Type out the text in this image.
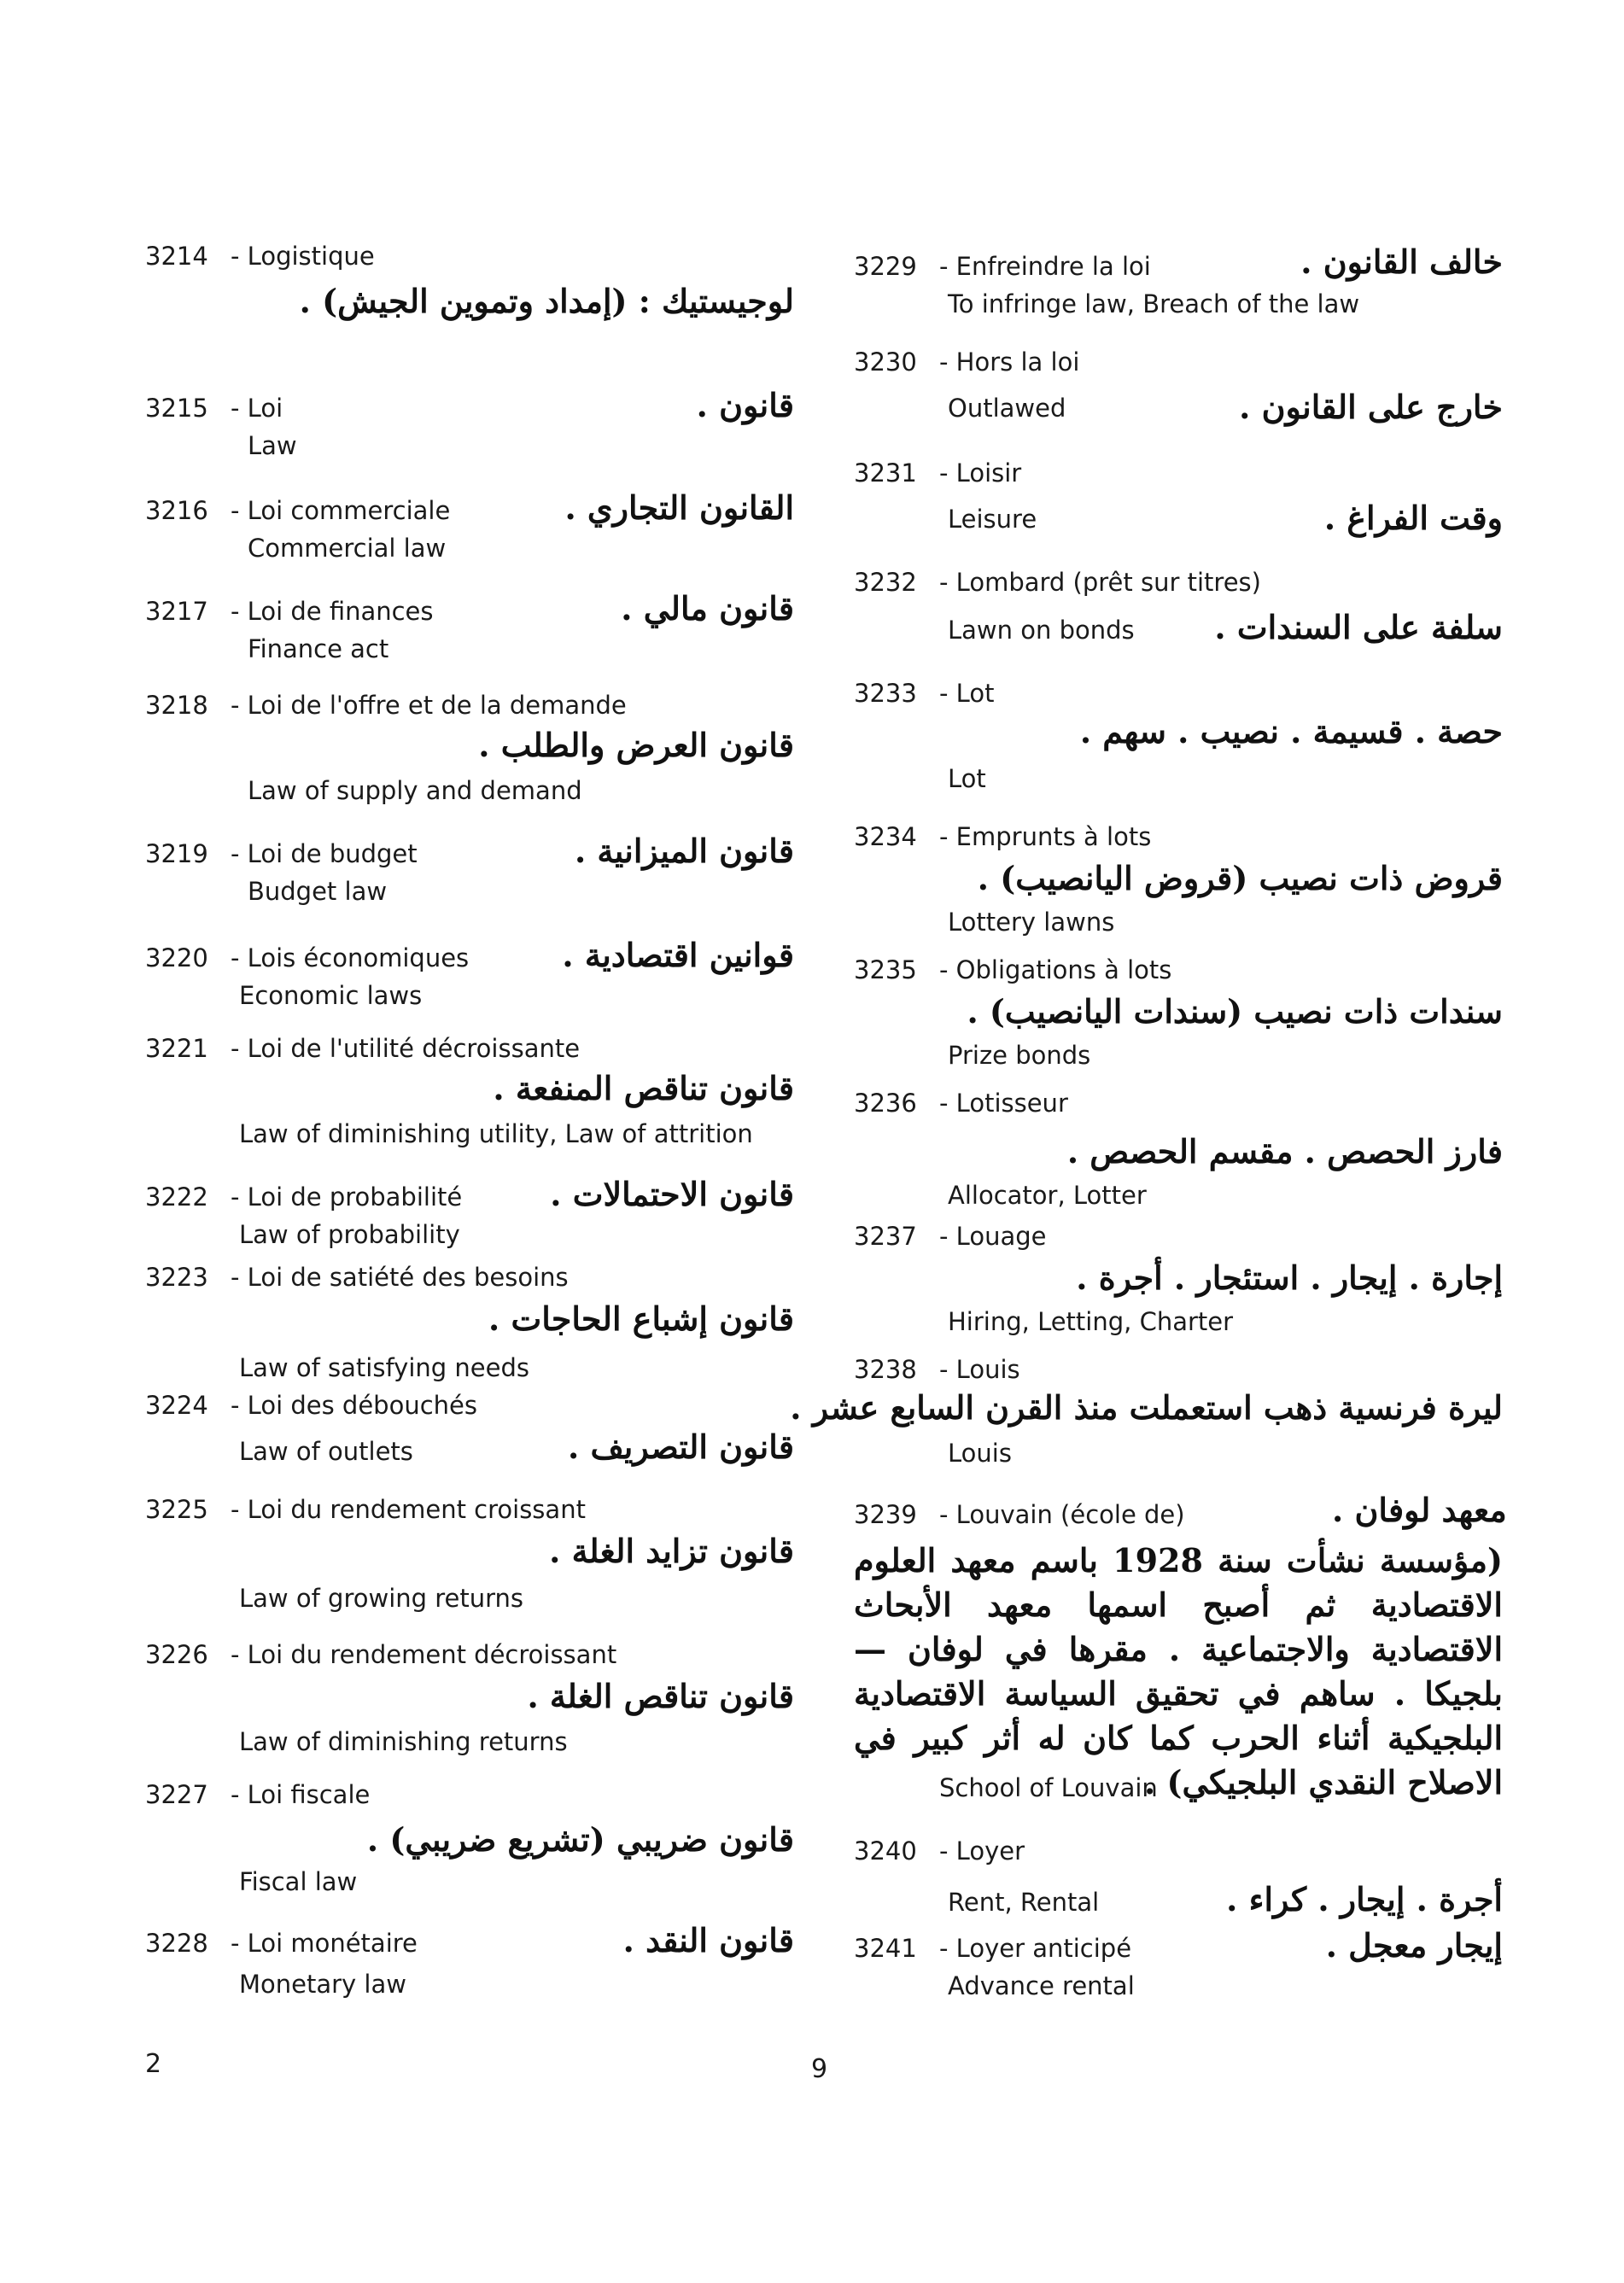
3214 - Logistique
لوجيستيك : (إمداد وتموين الجيش) .
3215 - Loi	قانون .
Law
3216 - Loi commerciale	القانون التجاري .
Commercial law
3217 - Loi de finances	قانون مالي .
Finance act
3218 - Loi de l'offre et de la demande
قانون العرض والطلب .
Law of supply and demand
3219 - Loi de budget	قانون الميزانية .
Budget law
3220 - Lois économiques	قوانين اقتصادية .
Economic laws
3221 - Loi de l'utilité décroissante
قانون تناقص المنفعة .
Law of diminishing utility, Law of attrition
3222 - Loi de probabilité	قانون الاحتمالات .
Law of probability
3223 - Loi de satiété des besoins
قانون إشباع الحاجات .
Law of satisfying needs
3224 - Loi des débouchés
قانون التصريف .
Law of outlets
3225 - Loi du rendement croissant
قانون تزايد الغلة .
Law of growing returns
3226 - Loi du rendement décroissant
قانون تناقص الغلة .
Law of diminishing returns
3227 - Loi fiscale
قانون ضريبي (تشريع ضريبي) .
Fiscal law
3228 - Loi monétaire	قانون النقد .
Monetary law
3229 - Enfreindre la loi	خالف القانون .
To infringe law, Breach of the law
3230 - Hors la loi
خارج على القانون .
Outlawed
3231 - Loisir
وقت الفراغ .
Leisure
3232 - Lombard (prêt sur titres)
سلفة على السندات .
Lawn on bonds
3233 - Lot
حصة . قسيمة . نصيب . سهم .
Lot
3234 - Emprunts à lots
قروض ذات نصيب (قروض اليانصيب) .
Lottery lawns
3235 - Obligations à lots
سندات ذات نصيب (سندات اليانصيب) .
Prize bonds
3236 - Lotisseur
فارز الحصص . مقسم الحصص .
Allocator, Lotter
3237 - Louage
إجارة . إيجار . استئجار . أجرة .
Hiring, Letting, Charter
3238 - Louis
ليرة فرنسية ذهب استعملت منذ القرن السابع عشر .
Louis
3239 - Louvain (école de)	معهد لوفان .
(مؤسسة نشأت سنة 1928 باسم معهد العلوم الاقتصادية ثم أصبح اسمها معهد الأبحاث الاقتصادية والاجتماعية . مقرها في لوفان — بلجيكا . ساهم في تحقيق السياسة الاقتصادية البلجيكية أثناء الحرب كما كان له أثر كبير في الاصلاح النقدي البلجيكي) .
School of Louvain
3240 - Loyer
أجرة . إيجار . كراء .
Rent, Rental
3241 - Loyer anticipé	إيجار معجل .
Advance rental
2	9
